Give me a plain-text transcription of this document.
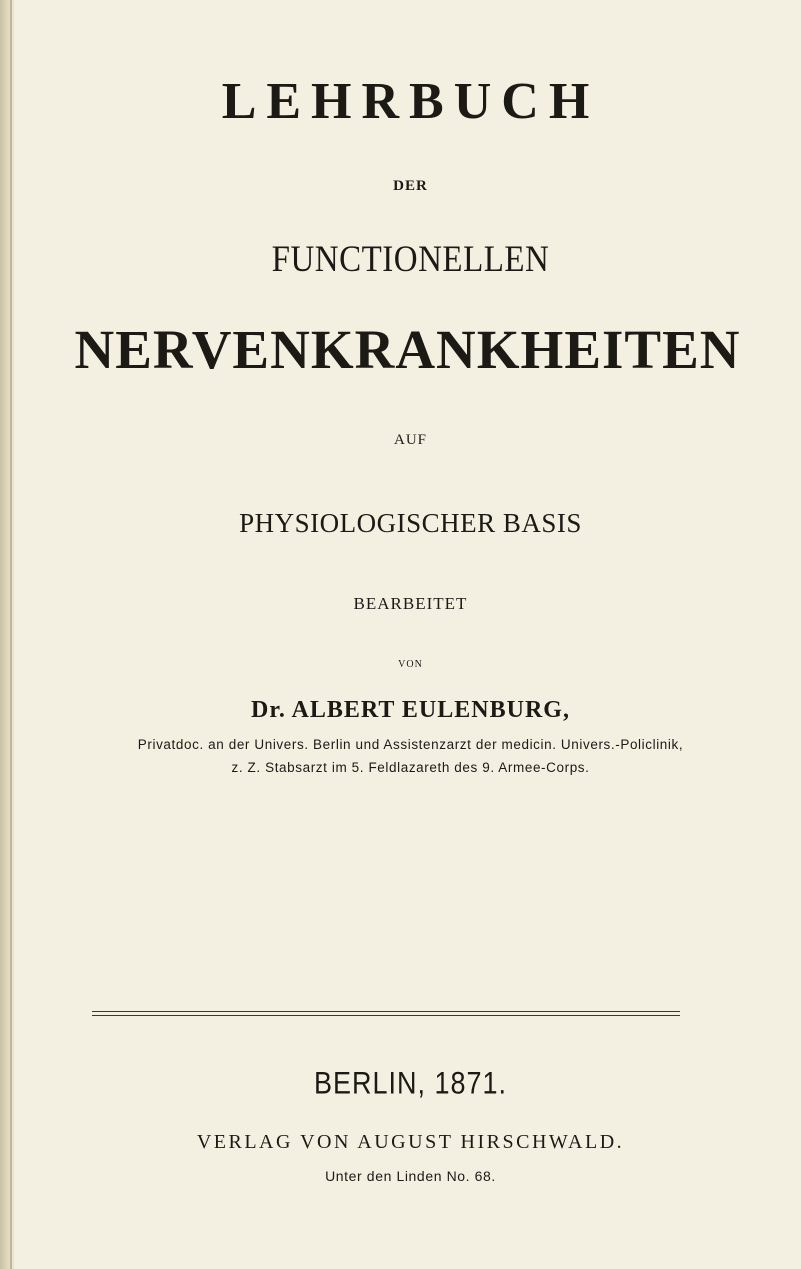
LEHRBUCH
DER
FUNCTIONELLEN
NERVENKRANKHEITEN
AUF
PHYSIOLOGISCHER BASIS
BEARBEITET
VON
Dr. ALBERT EULENBURG,
Privatdoc. an der Univers. Berlin und Assistenzarzt der medicin. Univers.-Policlinik,
z. Z. Stabsarzt im 5. Feldlazareth des 9. Armee-Corps.
BERLIN, 1871.
VERLAG VON AUGUST HIRSCHWALD.
Unter den Linden No. 68.
